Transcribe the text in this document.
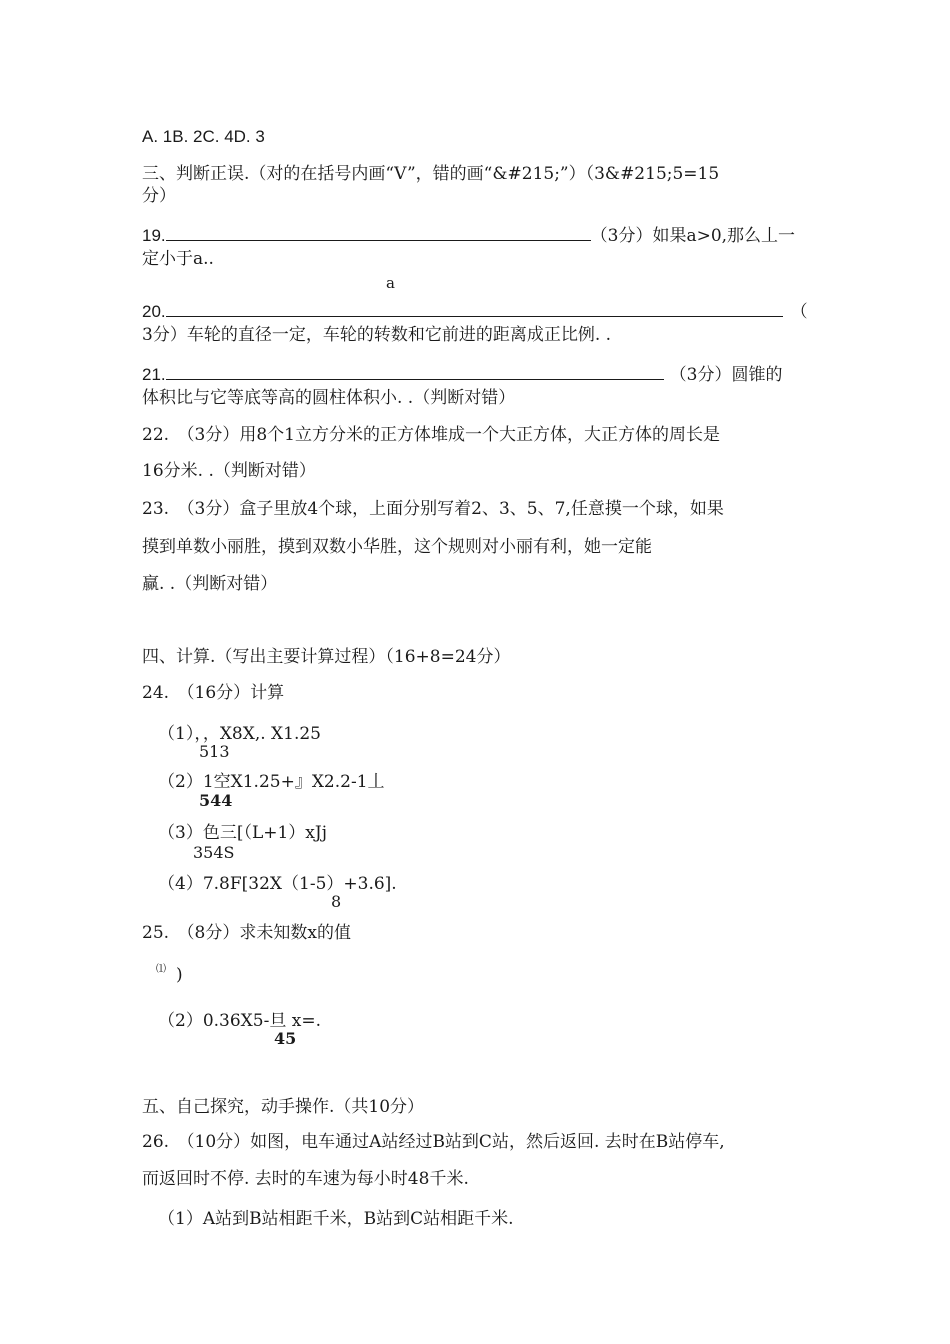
A. 1B. 2C. 4D. 3
三、判断正误.（对的在括号内画“V”，错的画“&#215;”）（3&#215;5=15
分）
19.	（3分）如果a>0,那么丄一
定小于a..
a
20.	（
3分）车轮的直径一定，车轮的转数和它前进的距离成正比例. .
21.	（3分）圆锥的
体积比与它等底等高的圆柱体积小. .（判断对错）
22.　（3分）用8个1立方分米的正方体堆成一个大正方体，大正方体的周长是
16分米. .（判断对错）
23.　（3分）盒子里放4个球，上面分别写着2、3、5、7,任意摸一个球，如果
摸到单数小丽胜，摸到双数小华胜，这个规则对小丽有利，她一定能
赢. .（判断对错）
四、计算.（写出主要计算过程）（16+8=24分）
24.　（16分）计算
（1），，X8X,. X1.25
513
（2）1空X1.25+』X2.2-1丄
544
（3）色三[（L+1）xJj
354S
（4）7.8F[32X（1-5）+3.6].
8
25.　（8分）求未知数x的值
⑴ )
（2）0.36X5-旦 x=.
45
五、自己探究，动手操作.（共10分）
26.　（10分）如图，电车通过A站经过B站到C站，然后返回. 去时在B站停车,
而返回时不停. 去时的车速为每小时48千米.
（1）A站到B站相距千米，B站到C站相距千米.
